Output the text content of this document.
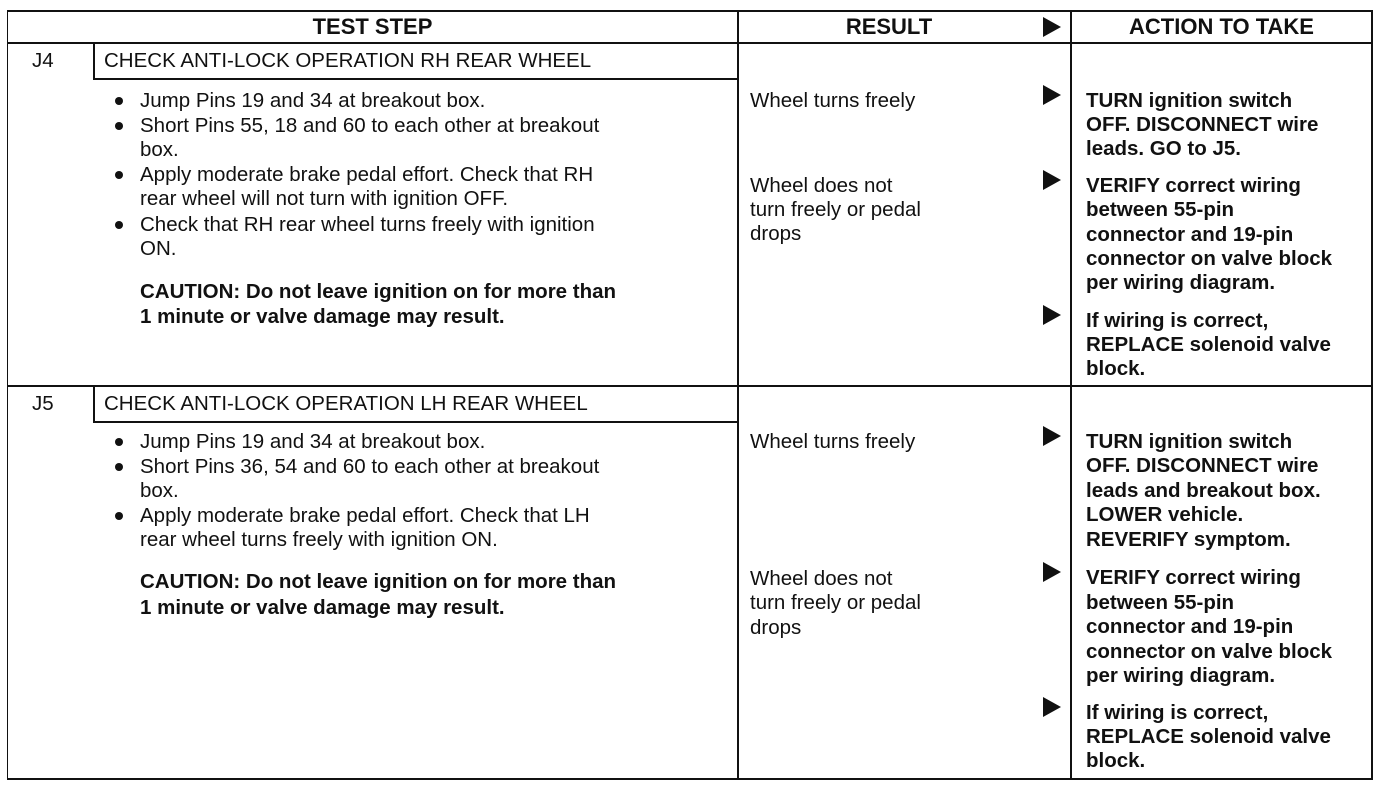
TEST STEP	RESULT	ACTION TO TAKE
J4 CHECK ANTI-LOCK OPERATION RH REAR WHEEL
Jump Pins 19 and 34 at breakout box.
Short Pins 55, 18 and 60 to each other at breakout
box.
Apply moderate brake pedal effort. Check that RH
rear wheel will not turn with ignition OFF.
Check that RH rear wheel turns freely with ignition
ON.
CAUTION: Do not leave ignition on for more than
1 minute or valve damage may result.
Wheel turns freely
Wheel does not
turn freely or pedal
drops
TURN ignition switch
OFF. DISCONNECT wire
leads. GO to J5.
VERIFY correct wiring
between 55-pin
connector and 19-pin
connector on valve block
per wiring diagram.
If wiring is correct,
REPLACE solenoid valve
block.
J5 CHECK ANTI-LOCK OPERATION LH REAR WHEEL
Jump Pins 19 and 34 at breakout box.
Short Pins 36, 54 and 60 to each other at breakout
box.
Apply moderate brake pedal effort. Check that LH
rear wheel turns freely with ignition ON.
CAUTION: Do not leave ignition on for more than
1 minute or valve damage may result.
Wheel turns freely
Wheel does not
turn freely or pedal
drops
TURN ignition switch
OFF. DISCONNECT wire
leads and breakout box.
LOWER vehicle.
REVERIFY symptom.
VERIFY correct wiring
between 55-pin
connector and 19-pin
connector on valve block
per wiring diagram.
If wiring is correct,
REPLACE solenoid valve
block.
